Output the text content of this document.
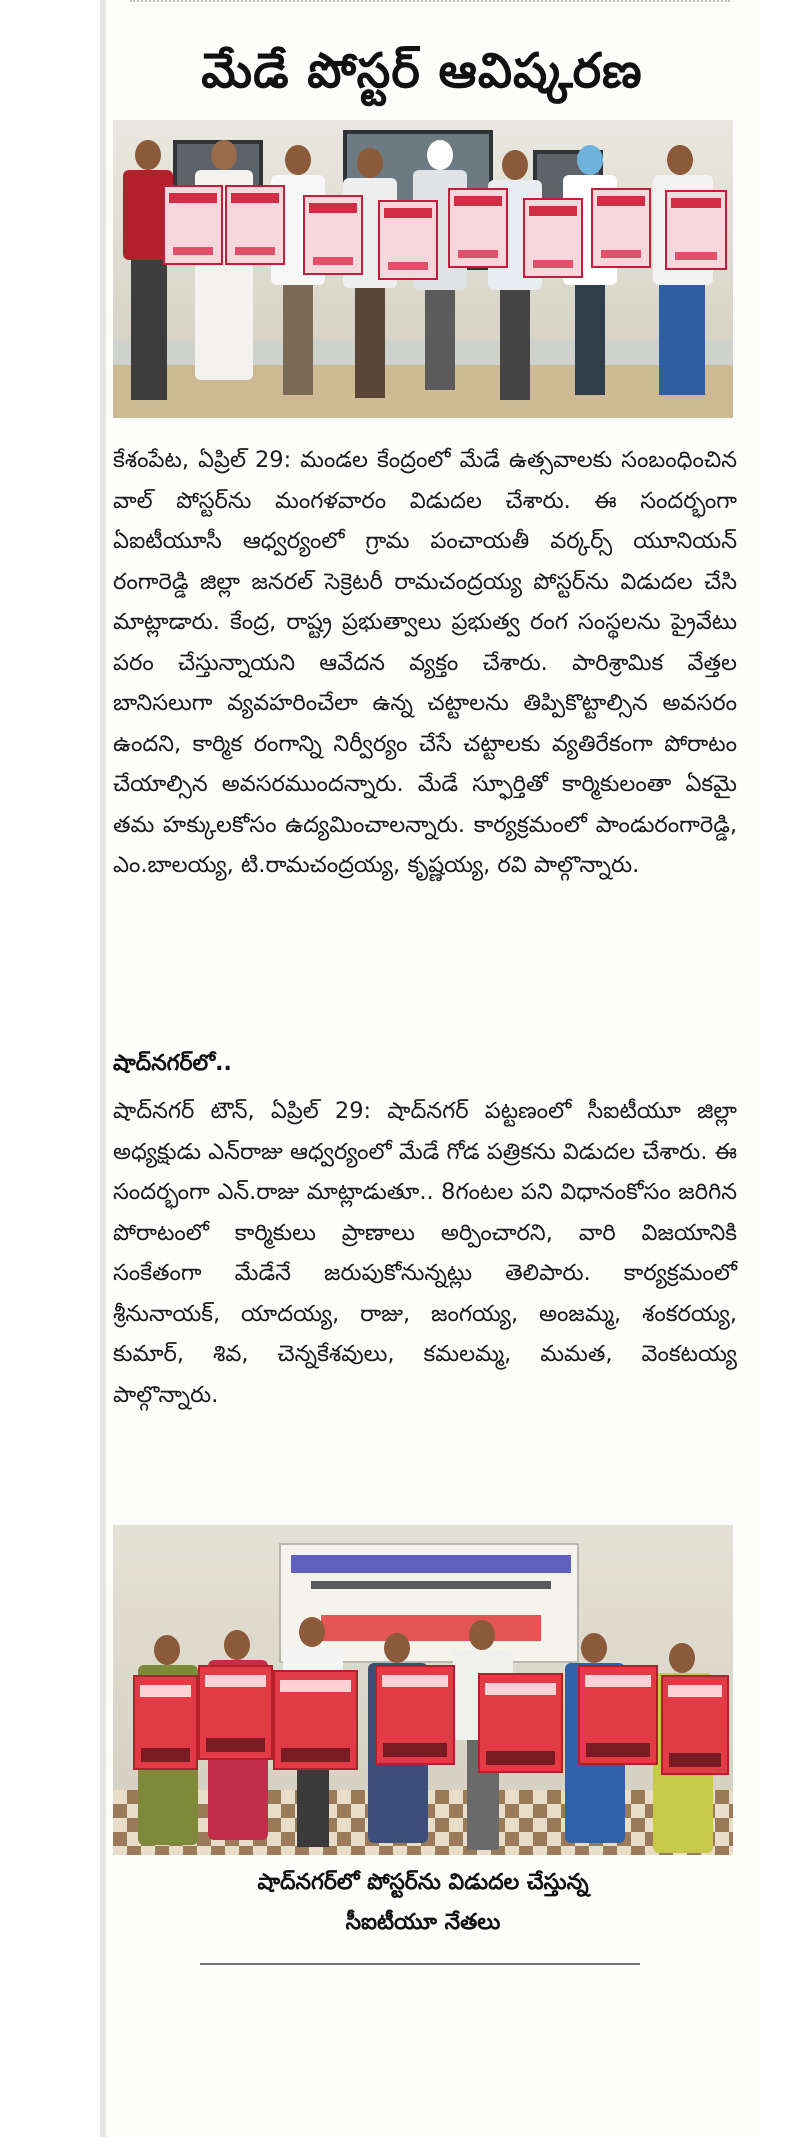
మేడే పోస్టర్ ఆవిష్కరణ
కేశంపేట, ఏప్రిల్ 29: మండల కేంద్రంలో మేడే ఉత్సవాలకు సంబంధించిన వాల్ పోస్టర్‌ను మంగళవారం విడుదల చేశారు. ఈ సందర్భంగా ఏఐటీయూసీ ఆధ్వర్యంలో గ్రామ పంచాయతీ వర్కర్స్ యూనియన్ రంగారెడ్డి జిల్లా జనరల్ సెక్రెటరీ రామచంద్రయ్య పోస్టర్‌ను విడుదల చేసి మాట్లాడారు. కేంద్ర, రాష్ట్ర ప్రభుత్వాలు ప్రభుత్వ రంగ సంస్థలను ప్రైవేటు పరం చేస్తున్నాయని ఆవేదన వ్యక్తం చేశారు. పారిశ్రామిక వేత్తల బానిసలుగా వ్యవహరించేలా ఉన్న చట్టాలను తిప్పికొట్టాల్సిన అవసరం ఉందని, కార్మిక రంగాన్ని నిర్వీర్యం చేసే చట్టాలకు వ్యతిరేకంగా పోరాటం చేయాల్సిన అవసరముందన్నారు. మేడే స్ఫూర్తితో కార్మికులంతా ఏకమై తమ హక్కులకోసం ఉద్యమించాలన్నారు. కార్యక్రమంలో పాండురంగారెడ్డి, ఎం.బాలయ్య, టి.రామచంద్రయ్య, కృష్ణయ్య, రవి పాల్గొన్నారు.
షాద్‌నగర్‌లో..
షాద్‌నగర్ టౌన్, ఏప్రిల్ 29: షాద్‌నగర్ పట్టణంలో సీఐటీయూ జిల్లా అధ్యక్షుడు ఎన్‌రాజు ఆధ్వర్యంలో మేడే గోడ పత్రికను విడుదల చేశారు. ఈ సందర్భంగా ఎన్.రాజు మాట్లాడుతూ.. 8గంటల పని విధానంకోసం జరిగిన పోరాటంలో కార్మికులు ప్రాణాలు అర్పించారని, వారి విజయానికి సంకేతంగా మేడేనే జరుపుకోనున్నట్లు తెలిపారు. కార్యక్రమంలో శ్రీనునాయక్, యాదయ్య, రాజు, జంగయ్య, అంజమ్మ, శంకరయ్య, కుమార్, శివ, చెన్నకేశవులు, కమలమ్మ, మమత, వెంకటయ్య పాల్గొన్నారు.
షాద్‌నగర్‌లో పోస్టర్‌ను విడుదల చేస్తున్న
సీఐటీయూ నేతలు
